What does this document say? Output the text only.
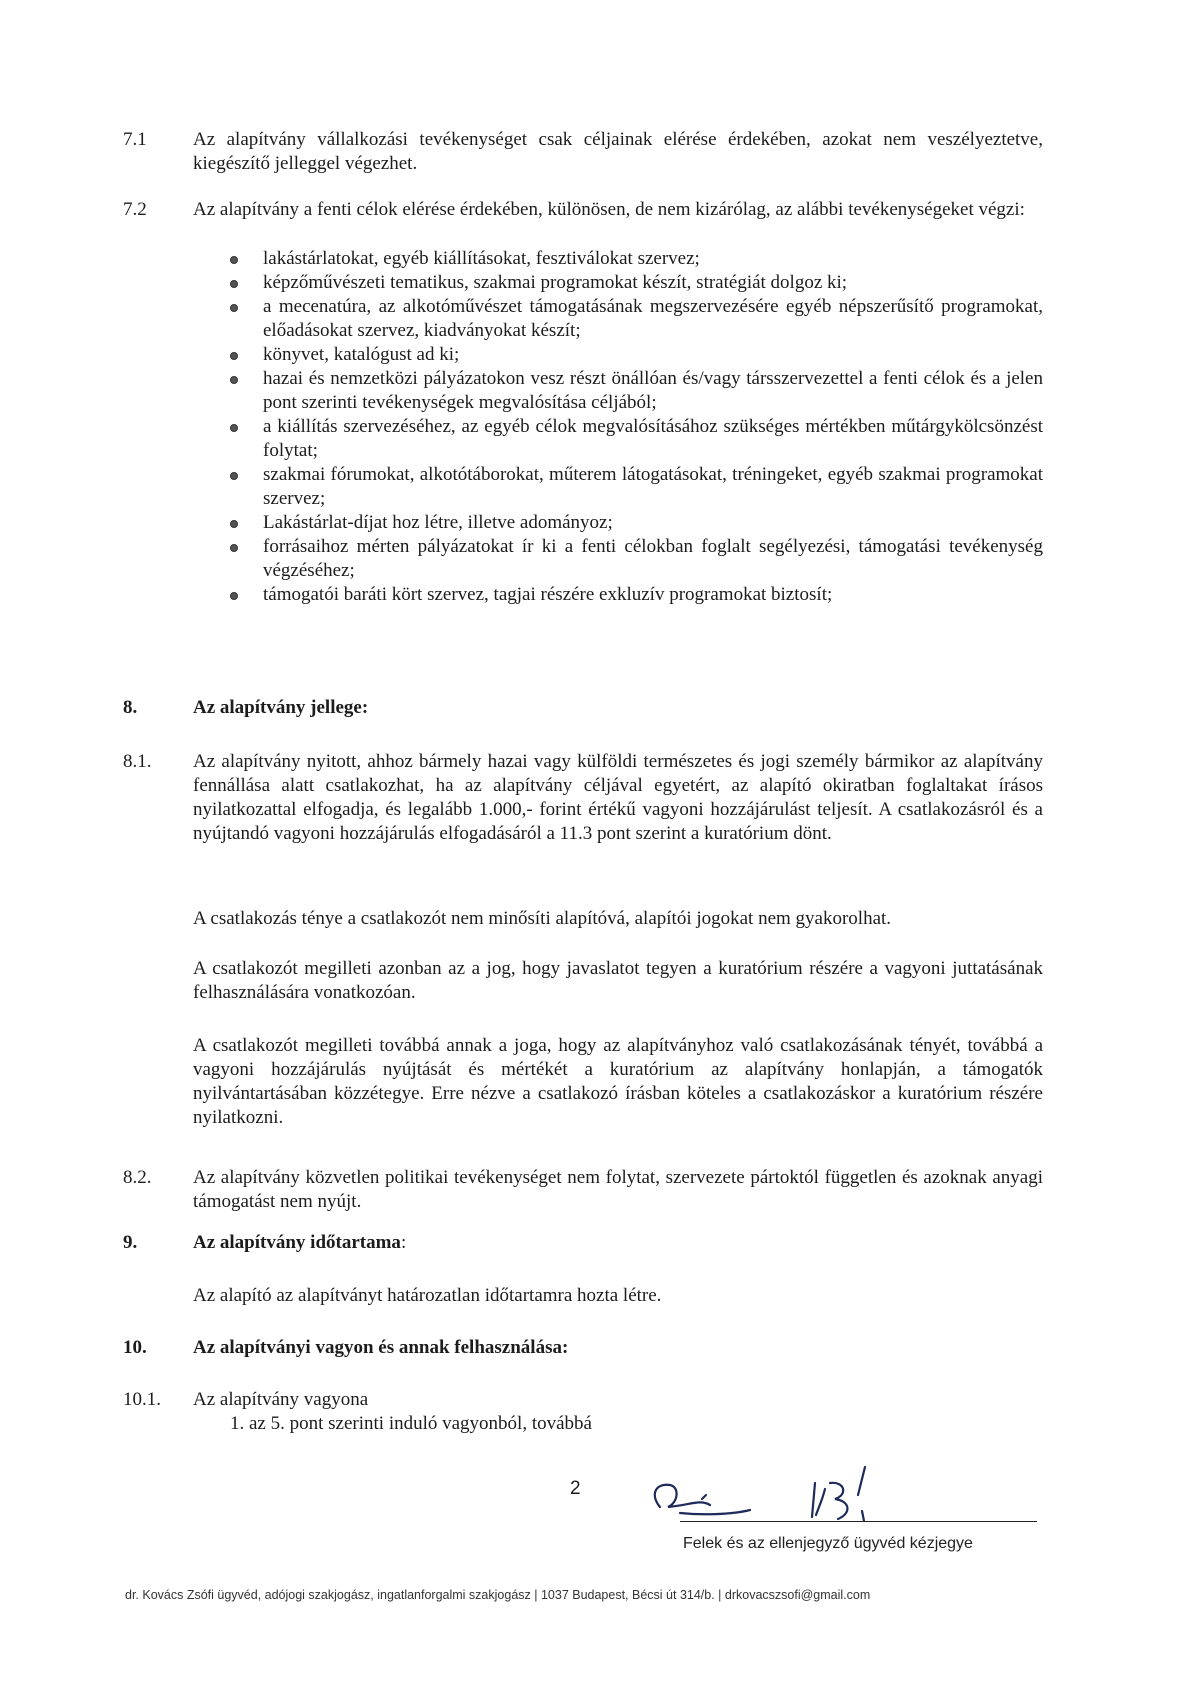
7.1 Az alapítvány vállalkozási tevékenységet csak céljainak elérése érdekében, azokat nem veszélyeztetve, kiegészítő jelleggel végezhet.
7.2 Az alapítvány a fenti célok elérése érdekében, különösen, de nem kizárólag, az alábbi tevékenységeket végzi:
lakástárlatokat, egyéb kiállításokat, fesztiválokat szervez;
képzőművészeti tematikus, szakmai programokat készít, stratégiát dolgoz ki;
a mecenatúra, az alkotóművészet támogatásának megszervezésére egyéb népszerűsítő programokat, előadásokat szervez, kiadványokat készít;
könyvet, katalógust ad ki;
hazai és nemzetközi pályázatokon vesz részt önállóan és/vagy társszervezettel a fenti célok és a jelen pont szerinti tevékenységek megvalósítása céljából;
a kiállítás szervezéséhez, az egyéb célok megvalósításához szükséges mértékben műtárgykölcsönzést folytat;
szakmai fórumokat, alkotótáborokat, műterem látogatásokat, tréningeket, egyéb szakmai programokat szervez;
Lakástárlat-díjat hoz létre, illetve adományoz;
forrásaihoz mérten pályázatokat ír ki a fenti célokban foglalt segélyezési, támogatási tevékenység végzéséhez;
támogatói baráti kört szervez, tagjai részére exkluzív programokat biztosít;
8.	Az alapítvány jellege:
8.1. Az alapítvány nyitott, ahhoz bármely hazai vagy külföldi természetes és jogi személy bármikor az alapítvány fennállása alatt csatlakozhat, ha az alapítvány céljával egyetért, az alapító okiratban foglaltakat írásos nyilatkozattal elfogadja, és legalább 1.000,- forint értékű vagyoni hozzájárulást teljesít. A csatlakozásról és a nyújtandó vagyoni hozzájárulás elfogadásáról a 11.3 pont szerint a kuratórium dönt.
A csatlakozás ténye a csatlakozót nem minősíti alapítóvá, alapítói jogokat nem gyakorolhat.
A csatlakozót megilleti azonban az a jog, hogy javaslatot tegyen a kuratórium részére a vagyoni juttatásának felhasználására vonatkozóan.
A csatlakozót megilleti továbbá annak a joga, hogy az alapítványhoz való csatlakozásának tényét, továbbá a vagyoni hozzájárulás nyújtását és mértékét a kuratórium az alapítvány honlapján, a támogatók nyilvántartásában közzétegye. Erre nézve a csatlakozó írásban köteles a csatlakozáskor a kuratórium részére nyilatkozni.
8.2. Az alapítvány közvetlen politikai tevékenységet nem folytat, szervezete pártoktól független és azoknak anyagi támogatást nem nyújt.
9.	Az alapítvány időtartama:
Az alapító az alapítványt határozatlan időtartamra hozta létre.
10. Az alapítványi vagyon és annak felhasználása:
10.1. Az alapítvány vagyona
1. az 5. pont szerinti induló vagyonból, továbbá
2
Felek és az ellenjegyző ügyvéd kézjegye
dr. Kovács Zsófi ügyvéd, adójogi szakjogász, ingatlanforgalmi szakjogász | 1037 Budapest, Bécsi út 314/b. | drkovacszsofi@gmail.com
